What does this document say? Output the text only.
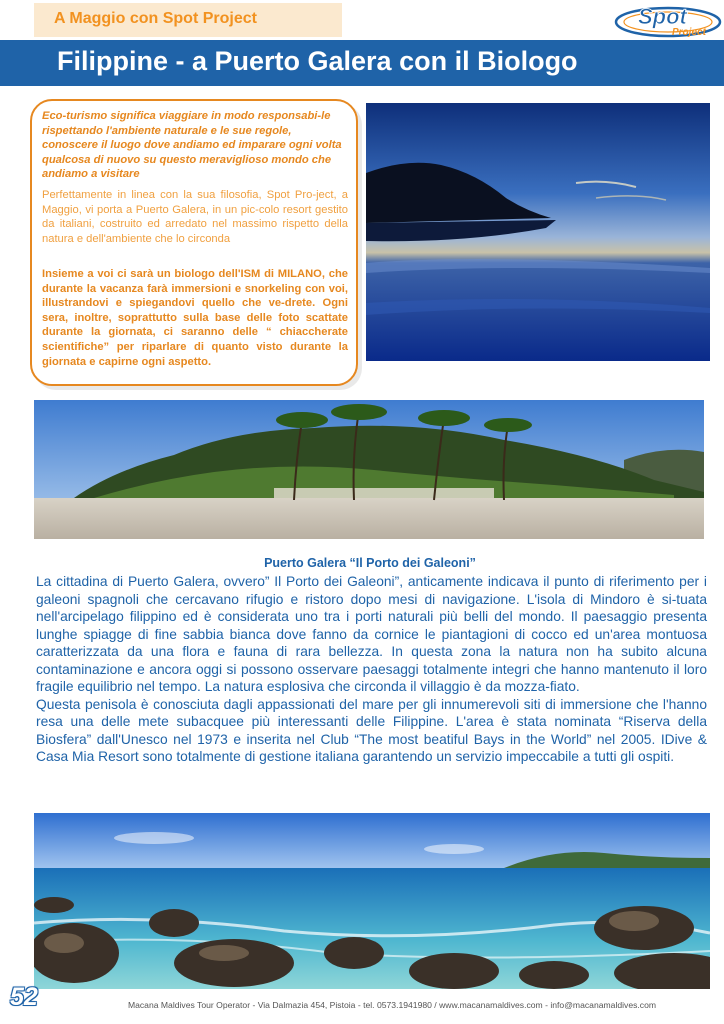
A Maggio con Spot Project	Spot
Project
Filippine - a Puerto Galera con il Biologo

Eco-turismo significa viaggiare in modo responsabi-le rispettando l'ambiente naturale e le sue regole, conoscere il luogo dove andiamo ed imparare ogni volta qualcosa di nuovo su questo meraviglioso mondo che andiamo a visitare

Perfettamente in linea con la sua filosofia, Spot Pro-ject, a Maggio, vi porta a Puerto Galera, in un pic-colo resort gestito da italiani, costruito ed arredato nel massimo rispetto della natura e dell'ambiente che lo circonda

Insieme a voi ci sarà un biologo dell'ISM di MILANO, che durante la vacanza farà immersioni e snorkeling con voi, illustrandovi e spiegandovi quello che ve-drete. Ogni sera, inoltre, soprattutto sulla base delle foto scattate durante la giornata, ci saranno delle “ chiaccherate scientifiche” per riparlare di quanto visto durante la giornata e capirne ogni aspetto.

Puerto Galera “Il Porto dei Galeoni”

La cittadina di Puerto Galera, ovvero” Il Porto dei Galeoni”, anticamente indicava il punto di riferimento per i galeoni spagnoli che cercavano rifugio e ristoro dopo mesi di navigazione. L'isola di Mindoro è si-tuata nell'arcipelago filippino ed è considerata uno tra i porti naturali più belli del mondo. Il paesaggio presenta lunghe spiagge di fine sabbia bianca dove fanno da cornice le piantagioni di cocco ed un'area montuosa caratterizzata da una flora e fauna di rara bellezza. In questa zona la natura non ha subito alcuna contaminazione e ancora oggi si possono osservare paesaggi totalmente integri che hanno mantenuto il loro fragile equilibrio nel tempo. La natura esplosiva che circonda il villaggio è da mozza-fiato.

Questa penisola è conosciuta dagli appassionati del mare per gli innumerevoli siti di immersione che l'hanno resa una delle mete subacquee più interessanti delle Filippine. L'area è stata nominata “Riserva della Biosfera” dall'Unesco nel 1973 e inserita nel Club “The most beatiful Bays in the World” nel 2005. IDive & Casa Mia Resort sono totalmente di gestione italiana garantendo un servizio impeccabile a tutti gli ospiti.

52	Macana Maldives Tour Operator - Via Dalmazia 454, Pistoia - tel. 0573.1941980 / www.macanamaldives.com - info@macanamaldives.com
